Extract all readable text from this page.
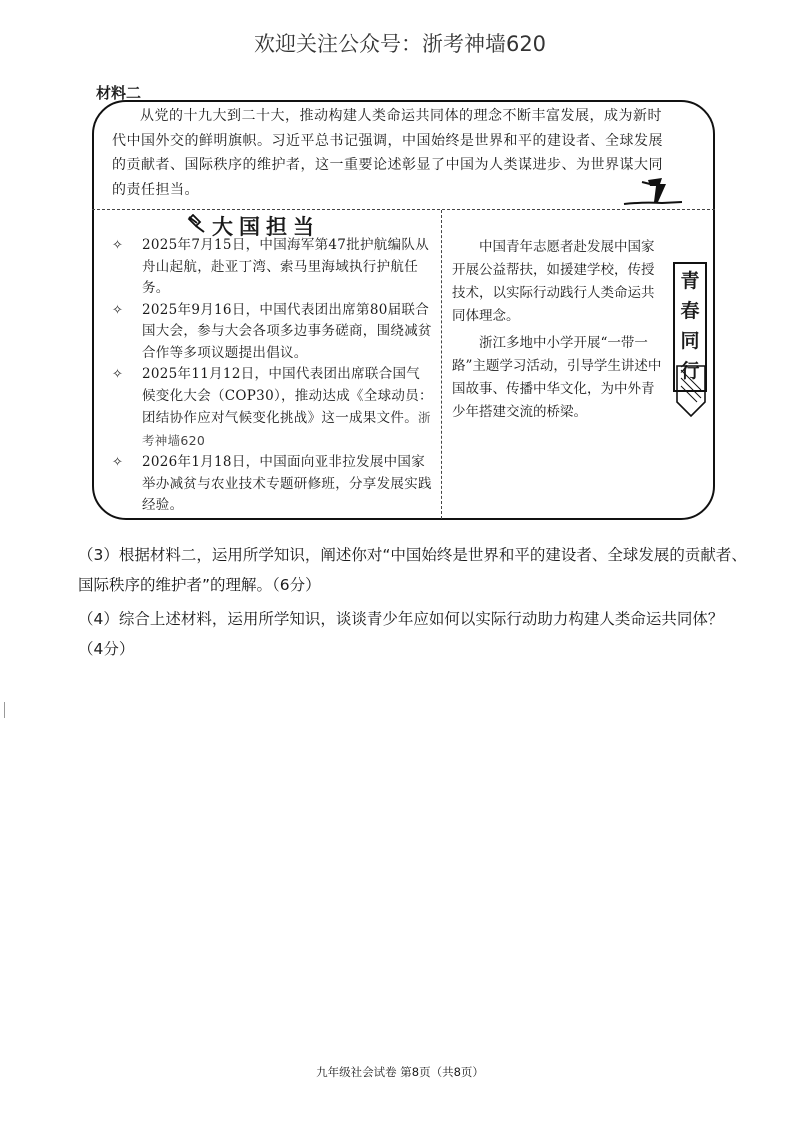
欢迎关注公众号：浙考神墙620
材料二
从党的十九大到二十大，推动构建人类命运共同体的理念不断丰富发展，成为新时代中国外交的鲜明旗帜。习近平总书记强调，中国始终是世界和平的建设者、全球发展的贡献者、国际秩序的维护者，这一重要论述彰显了中国为人类谋进步、为世界谋大同的责任担当。
大国担当
✧ 2025年7月15日，中国海军第47批护航编队从舟山起航，赴亚丁湾、索马里海域执行护航任务。
✧ 2025年9月16日，中国代表团出席第80届联合国大会，参与大会各项多边事务磋商，围绕减贫合作等多项议题提出倡议。
✧ 2025年11月12日，中国代表团出席联合国气候变化大会（COP30），推动达成《全球动员：团结协作应对气候变化挑战》这一成果文件。浙考神墙620
✧ 2026年1月18日，中国面向亚非拉发展中国家举办减贫与农业技术专题研修班，分享发展实践经验。

中国青年志愿者赴发展中国家开展公益帮扶，如援建学校，传授技术，以实际行动践行人类命运共同体理念。

浙江多地中小学开展“一带一路”主题学习活动，引导学生讲述中国故事、传播中华文化，为中外青少年搭建交流的桥梁。

青
春
同
行
（3）根据材料二，运用所学知识，阐述你对“中国始终是世界和平的建设者、全球发展的贡献者、国际秩序的维护者”的理解。（6分）
（4）综合上述材料，运用所学知识，谈谈青少年应如何以实际行动助力构建人类命运共同体？（4分）
九年级社会试卷 第8页（共8页）
